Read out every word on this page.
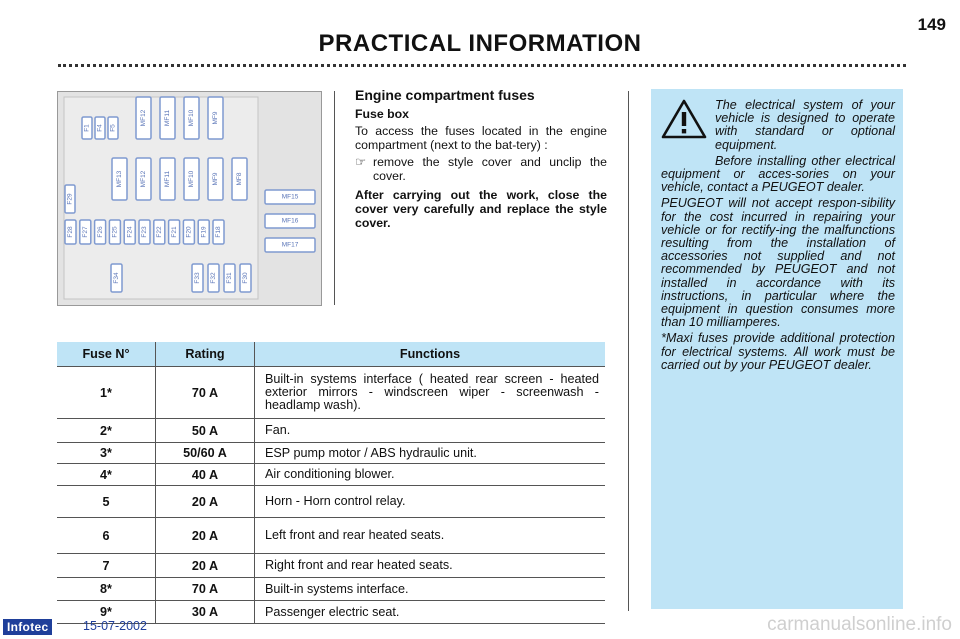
149
PRACTICAL INFORMATION
F1 F4 F5
MF12	MF11	MF10	MF9
MF13	MF12	MF11	MF10	MF9	MF8
F29	MF15
MF16
MF17
F28 F27 F26 F25 F24 F23 F22 F21 F20 F19 F18
F34	F33 F32 F31 F30
Engine compartment fuses
Fuse box

To access the fuses located in the engine compartment (next to the bat-tery) :

☞ remove the style cover and unclip the cover.

After carrying out the work, close the cover very carefully and replace the style cover.

The electrical system of your vehicle is designed to operate with standard or optional equipment.

Before installing other electrical equipment or acces-sories on your vehicle, contact a PEUGEOT dealer.

PEUGEOT will not accept respon-sibility for the cost incurred in repairing your vehicle or for rectify-ing the malfunctions resulting from the installation of accessories not supplied and not recommended by PEUGEOT and not installed in accordance with its instructions, in particular where the equipment in question consumes more than 10 milliamperes.

*Maxi fuses provide additional protection for electrical systems. All work must be carried out by your PEUGEOT dealer.

Fuse N°	Rating	Functions
1*	70 A	Built-in systems interface ( heated rear screen - heated exterior mirrors - windscreen wiper - screenwash - headlamp wash).
2*	50 A	Fan.
3*	50/60 A	ESP pump motor / ABS hydraulic unit.
4*	40 A	Air conditioning blower.
5	20 A	Horn - Horn control relay.
6	20 A	Left front and rear heated seats.
7	20 A	Right front and rear heated seats.
8*	70 A	Built-in systems interface.
9*	30 A	Passenger electric seat.
Infotec	15-07-2002	carmanualsonline.info
